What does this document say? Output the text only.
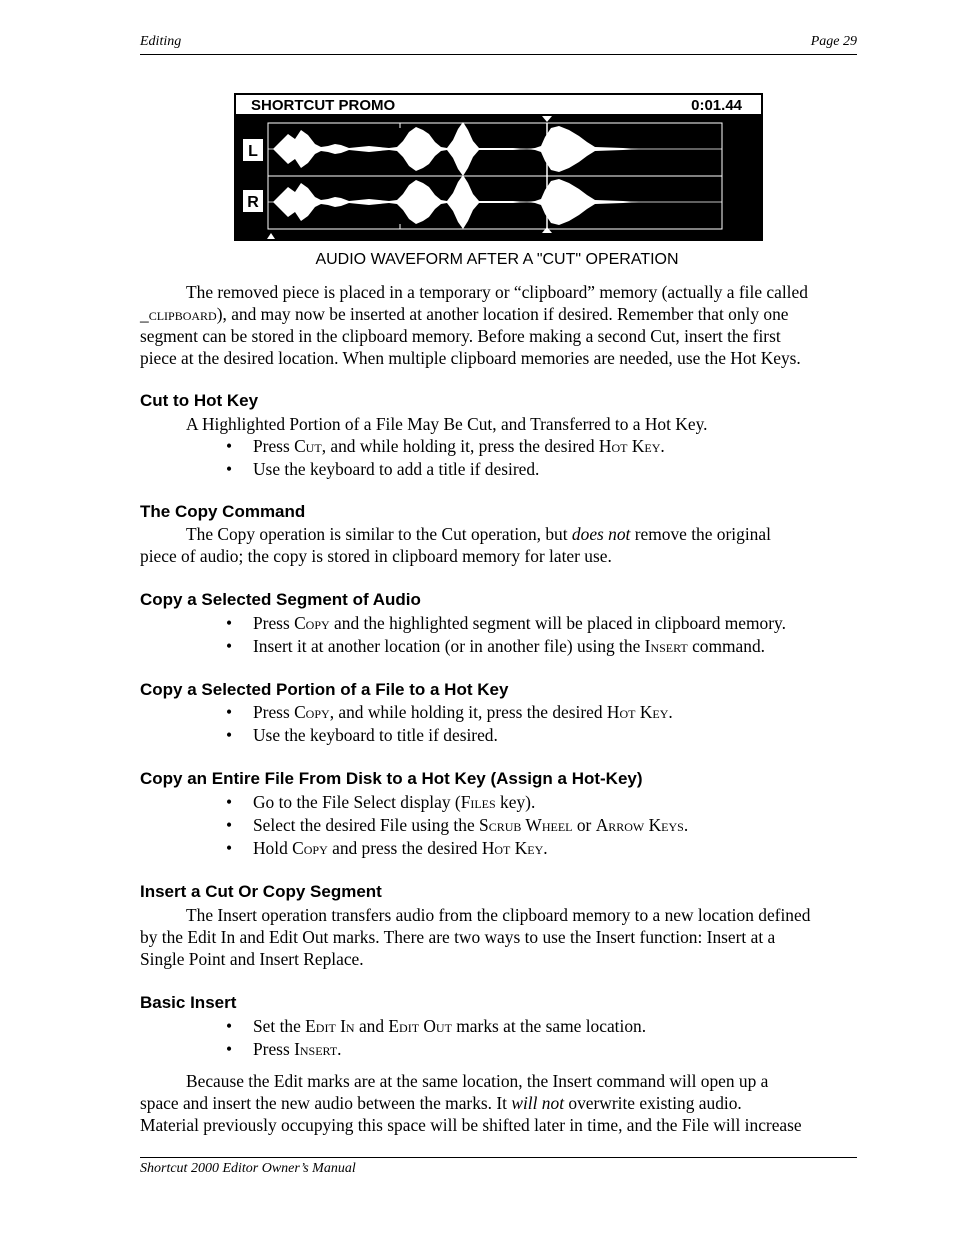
Editing	Page 29
SHORTCUT PROMO	0:01.44
L
R
AUDIO WAVEFORM AFTER A "CUT" OPERATION
The removed piece is placed in a temporary or “clipboard” memory (actually a file called
_clipboard), and may now be inserted at another location if desired. Remember that only one
segment can be stored in the clipboard memory. Before making a second Cut, insert the first
piece at the desired location. When multiple clipboard memories are needed, use the Hot Keys.
Cut to Hot Key
A Highlighted Portion of a File May Be Cut, and Transferred to a Hot Key.
• Press Cut, and while holding it, press the desired Hot Key.
• Use the keyboard to add a title if desired.
The Copy Command
The Copy operation is similar to the Cut operation, but does not remove the original
piece of audio; the copy is stored in clipboard memory for later use.
Copy a Selected Segment of Audio
• Press Copy and the highlighted segment will be placed in clipboard memory.
• Insert it at another location (or in another file) using the Insert command.
Copy a Selected Portion of a File to a Hot Key
• Press Copy, and while holding it, press the desired Hot Key.
• Use the keyboard to title if desired.
Copy an Entire File From Disk to a Hot Key (Assign a Hot-Key)
• Go to the File Select display (Files key).
• Select the desired File using the Scrub Wheel or Arrow Keys.
• Hold Copy and press the desired Hot Key.
Insert a Cut Or Copy Segment
The Insert operation transfers audio from the clipboard memory to a new location defined
by the Edit In and Edit Out marks. There are two ways to use the Insert function: Insert at a
Single Point and Insert Replace.
Basic Insert
• Set the Edit In and Edit Out marks at the same location.
• Press Insert.
Because the Edit marks are at the same location, the Insert command will open up a
space and insert the new audio between the marks. It will not overwrite existing audio.
Material previously occupying this space will be shifted later in time, and the File will increase
Shortcut 2000 Editor Owner’s Manual
